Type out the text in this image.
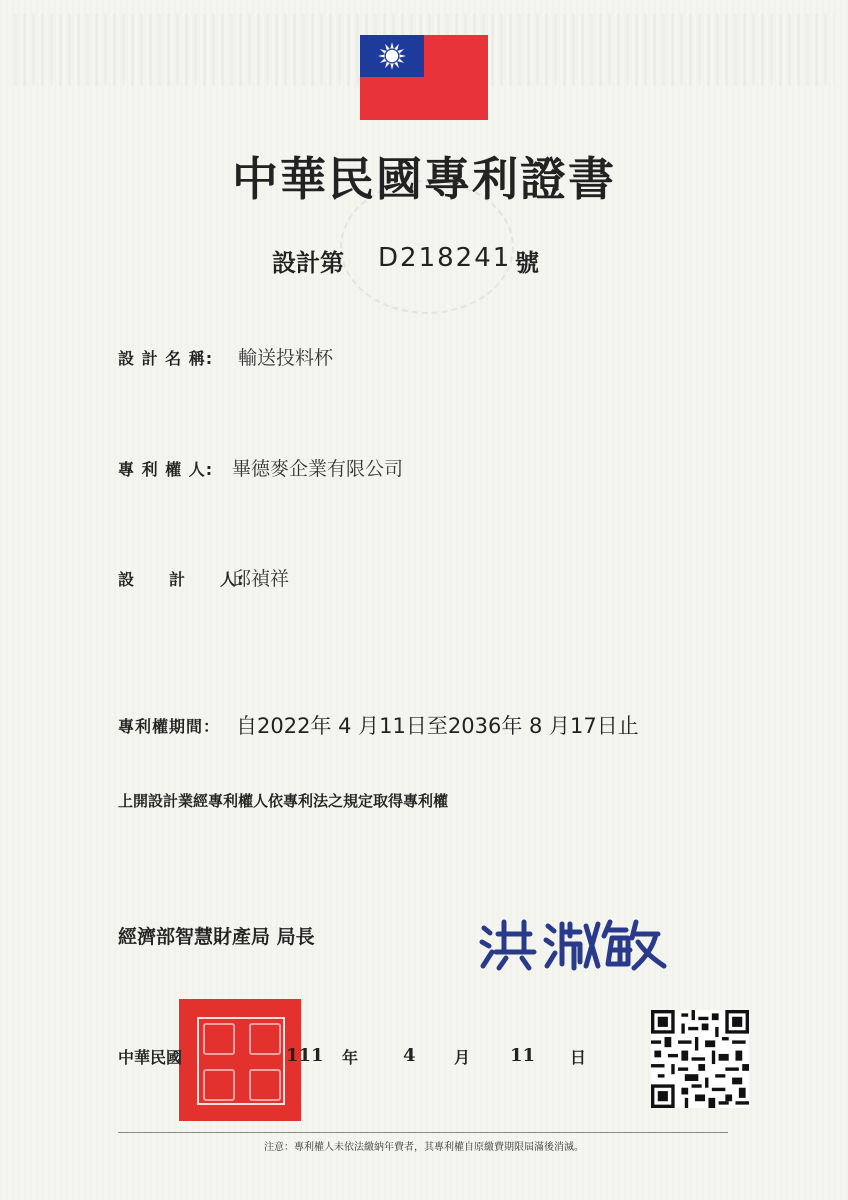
中華民國專利證書
設計第 D218241 號
設 計 名 稱: 輸送投料杯
專 利 權 人: 畢德麥企業有限公司
設　　計　　人:
邱禎祥
專利權期間： 自2022年 4 月11日至2036年 8 月17日止
上開設計業經專利權人依專利法之規定取得專利權
經濟部智慧財產局 局長
中華民國	111 年 4 月 11 日
注意：專利權人未依法繳納年費者，其專利權自原繳費期限屆滿後消滅。
